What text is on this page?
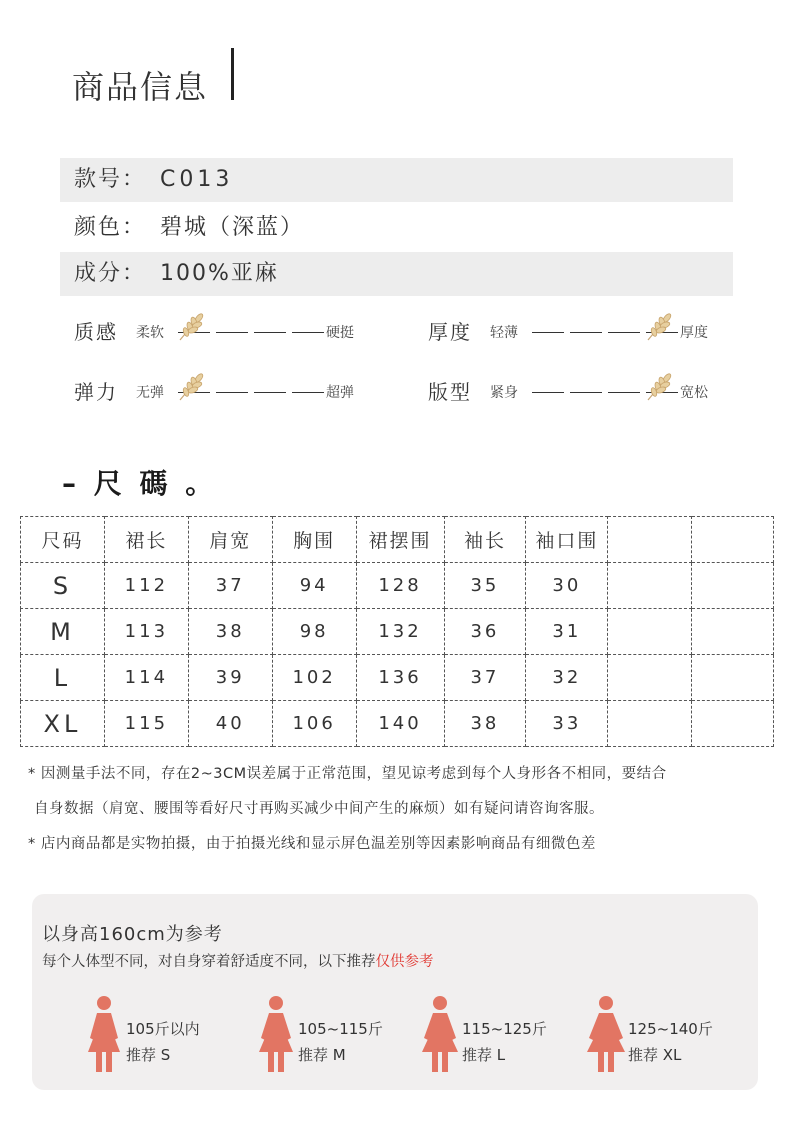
商品信息
款号： C013
颜色： 碧城（深蓝）
成分： 100%亚麻
质感 柔软	硬挺	厚度 轻薄	厚度
弹力 无弹	超弹	版型 紧身	宽松
– 尺 碼 。
尺码	裙长	肩宽	胸围	裙摆围	袖长	袖口围		
S	112	37	94	128	35	30		
M	113	38	98	132	36	31		
L	114	39	102	136	37	32		
XL	115	40	106	140	38	33		
* 因测量手法不同，存在2~3CM误差属于正常范围，望见谅考虑到每个人身形各不相同，要结合
自身数据（肩宽、腰围等看好尺寸再购买减少中间产生的麻烦）如有疑问请咨询客服。
* 店内商品都是实物拍摄，由于拍摄光线和显示屏色温差别等因素影响商品有细微色差
以身高160cm为参考
每个人体型不同，对自身穿着舒适度不同，以下推荐仅供参考
105斤以内
推荐 S
105~115斤
推荐 M
115~125斤
推荐 L
125~140斤
推荐 XL
